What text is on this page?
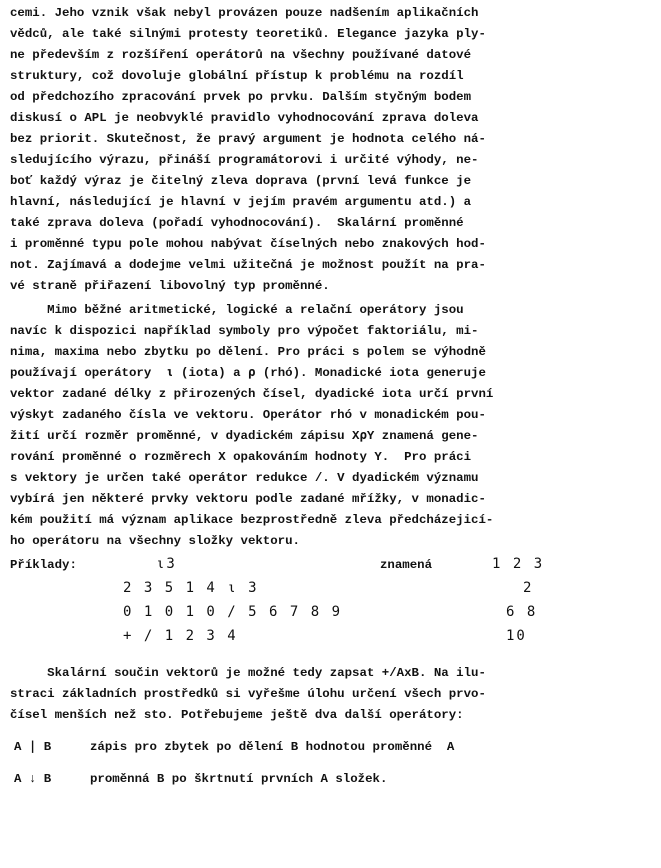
cemi. Jeho vznik však nebyl provázen pouze nadšením aplikačních
vědců, ale také silnými protesty teoretiků. Elegance jazyka ply-
ne především z rozšíření operátorů na všechny používané datové
struktury, což dovoluje globální přístup k problému na rozdíl
od předchozího zpracování prvek po prvku. Dalším styčným bodem
diskusí o APL je neobvyklé pravidlo vyhodnocování zprava doleva
bez priorit. Skutečnost, že pravý argument je hodnota celého ná-
sledujícího výrazu, přináší programátorovi i určité výhody, ne-
boť každý výraz je čitelný zleva doprava (první levá funkce je
hlavní, následující je hlavní v jejím pravém argumentu atd.) a
také zprava doleva (pořadí vyhodnocování).  Skalární proměnné
i proměnné typu pole mohou nabývat číselných nebo znakových hod-
not. Zajímavá a dodejme velmi užitečná je možnost použít na pra-
vé straně přiřazení libovolný typ proměnné.
Mimo běžné aritmetické, logické a relační operátory jsou
navíc k dispozici například symboly pro výpočet faktoriálu, mi-
nima, maxima nebo zbytku po dělení. Pro práci s polem se výhodně
používají operátory  ⍳ (iota) a ⍴ (rhó). Monadické iota generuje
vektor zadané délky z přirozených čísel, dyadické iota určí první
výskyt zadaného čísla ve vektoru. Operátor rhó v monadickém pou-
žití určí rozměr proměnné, v dyadickém zápisu X⍴Y znamená gene-
rování proměnné o rozměrech X opakováním hodnoty Y.  Pro práci
s vektory je určen také operátor redukce /. V dyadickém významu
vybírá jen některé prvky vektoru podle zadané mřížky, v monadic-
kém použití má význam aplikace bezprostředně zleva předcházejicí-
ho operátoru na všechny složky vektoru.
Příklady:	⍳3	znamená	1 2 3
2 3 5 1 4 ⍳ 3	2
0 1 0 1 0 / 5 6 7 8 9	6 8
+ / 1 2 3 4	10
Skalární součin vektorů je možné tedy zapsat +/AxB. Na ilu-
straci základních prostředků si vyřešme úlohu určení všech prvo-
čísel menších než sto. Potřebujeme ještě dva další operátory:
A ∣ B	zápis pro zbytek po dělení B hodnotou proměnné  A
A ↓ B	proměnná B po škrtnutí prvních A složek.
